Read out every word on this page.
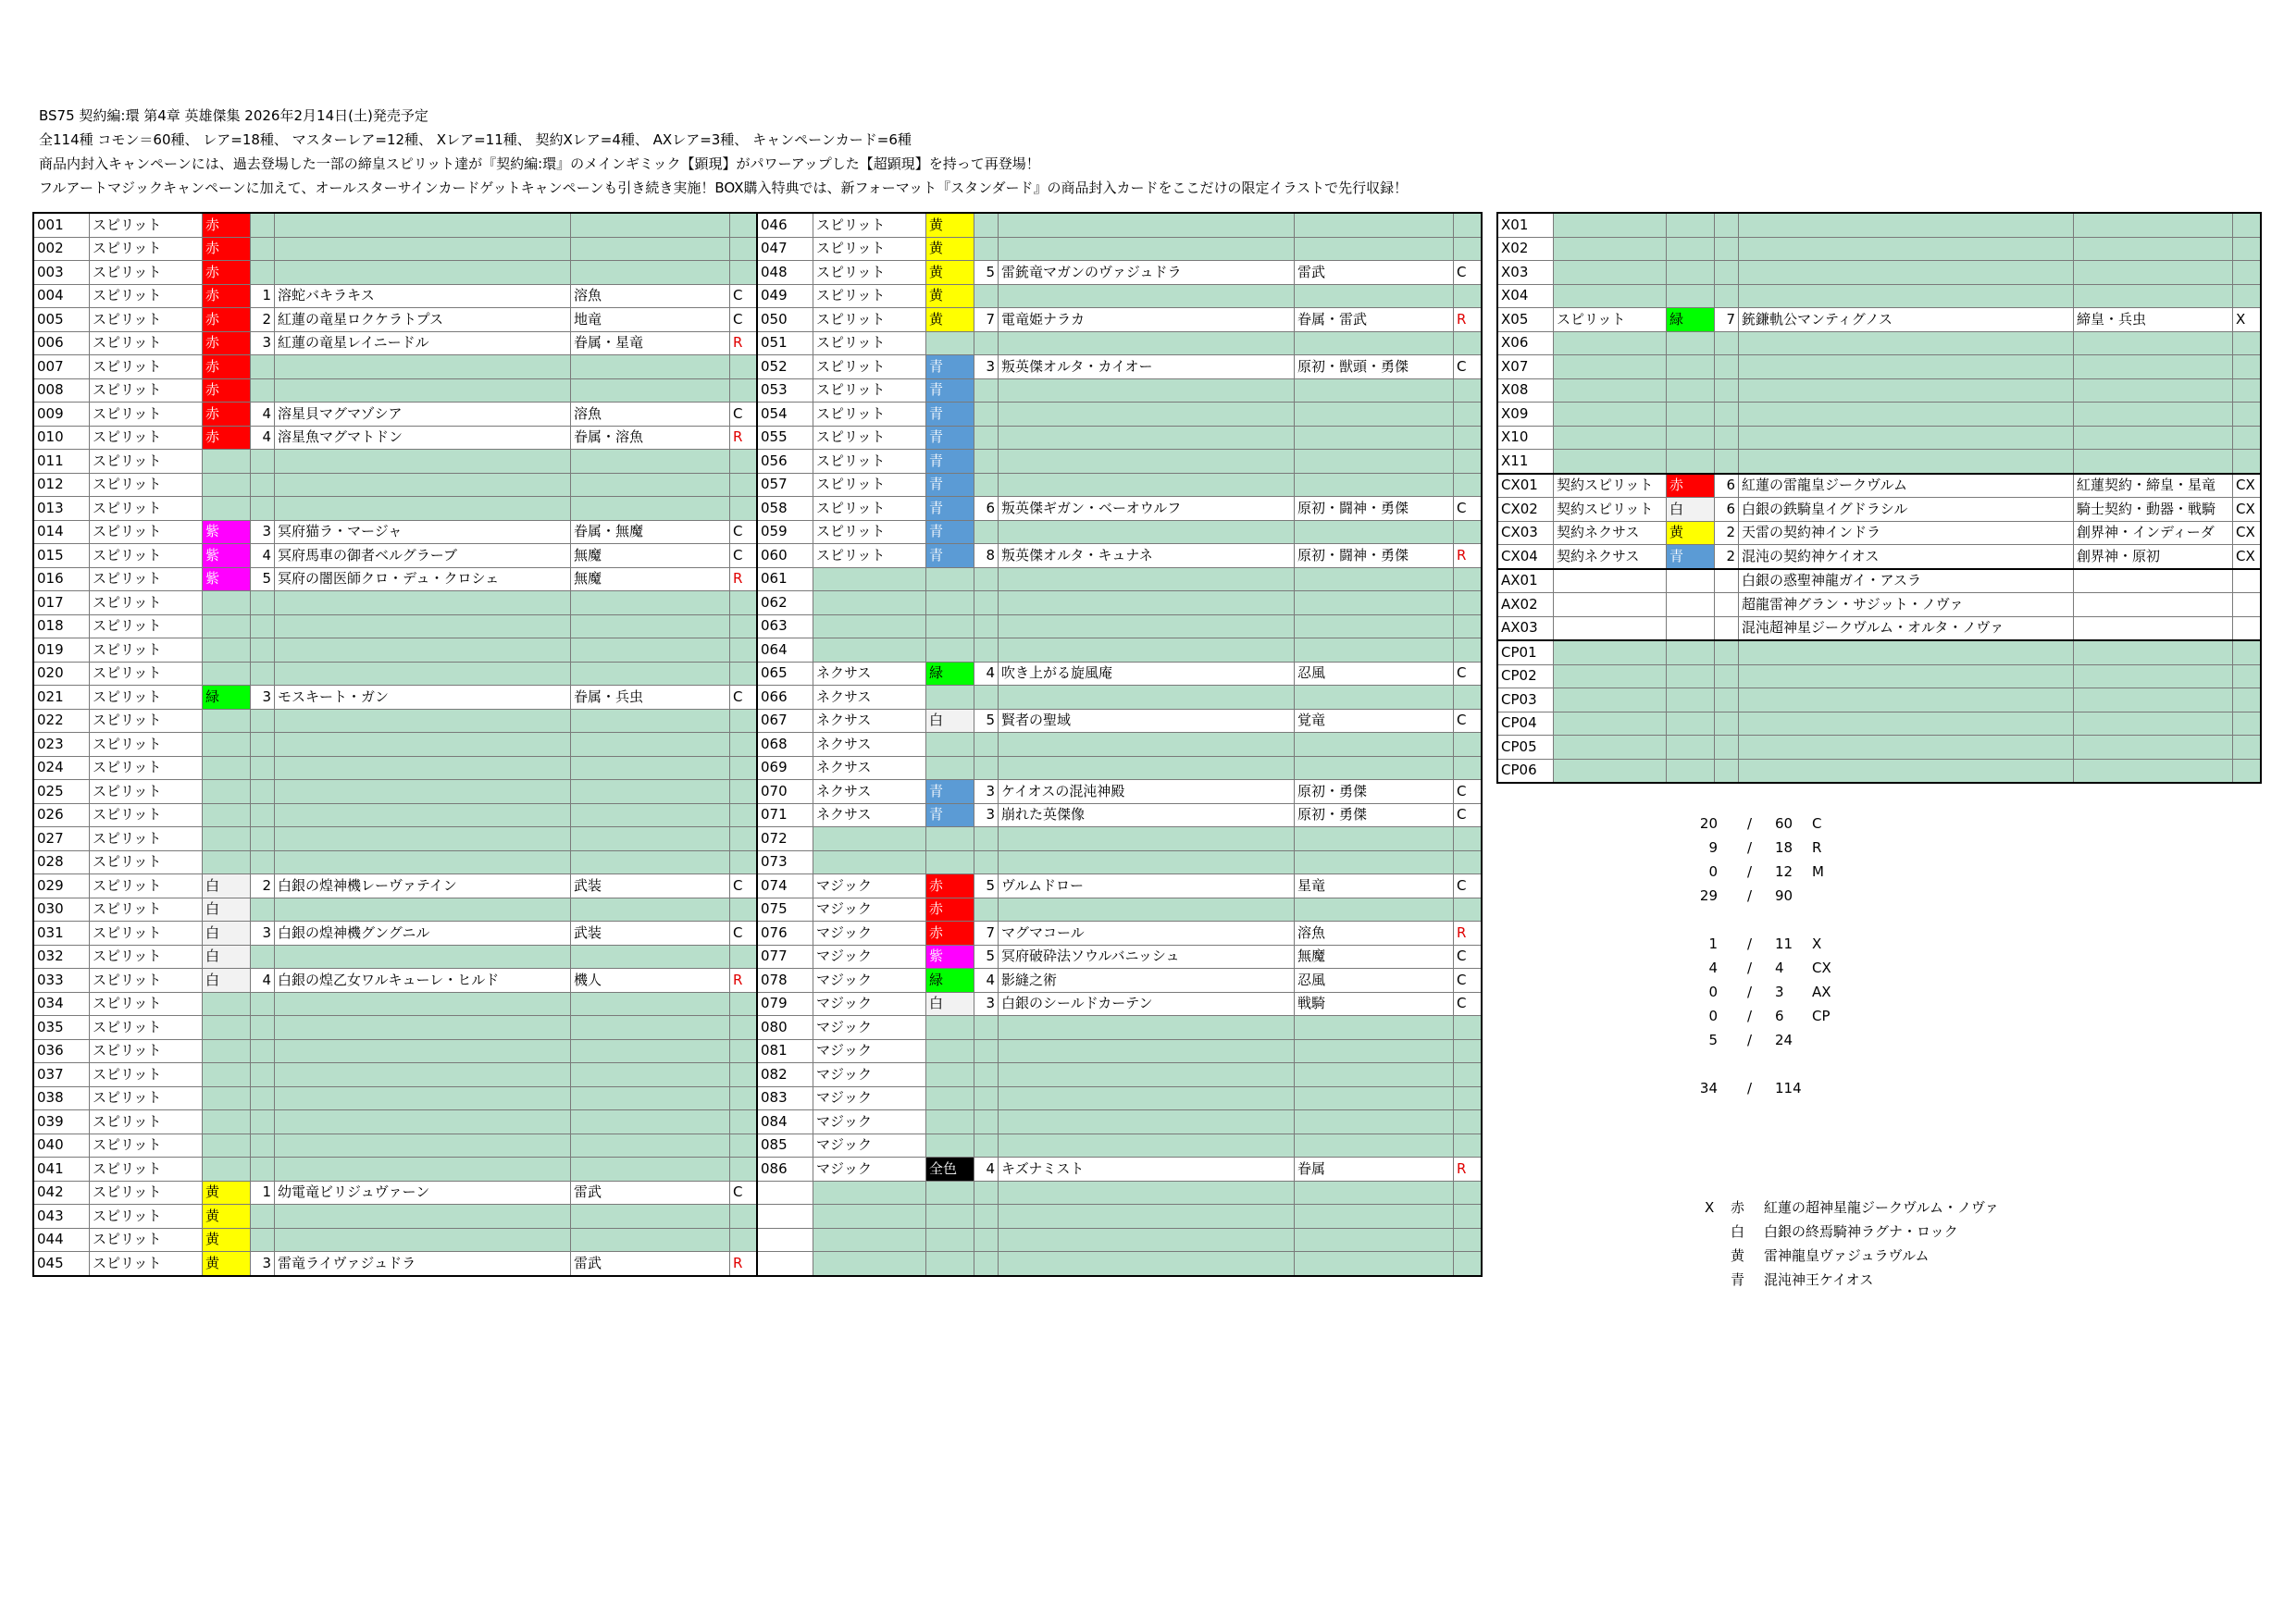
BS75 契約編:環 第4章 英雄傑集 2026年2月14日(土)発売予定
全114種 コモン＝60種、 レア=18種、 マスターレア=12種、 Xレア=11種、 契約Xレア=4種、 AXレア=3種、 キャンペーンカード=6種
商品内封入キャンペーンには、過去登場した一部の締皇スピリット達が『契約編:環』のメインギミック【顕現】がパワーアップした【超顕現】を持って再登場！
フルアートマジックキャンペーンに加えて、オールスターサインカードゲットキャンペーンも引き続き実施！BOX購入特典では、新フォーマット『スタンダード』の商品封入カードをここだけの限定イラストで先行収録！
001	スピリット	赤				
002	スピリット	赤				
003	スピリット	赤				
004	スピリット	赤	1	溶蛇バキラキス	溶魚	C
005	スピリット	赤	2	紅蓮の竜星ロクケラトプス	地竜	C
006	スピリット	赤	3	紅蓮の竜星レイニードル	眷属・星竜	R
007	スピリット	赤				
008	スピリット	赤				
009	スピリット	赤	4	溶星貝マグマゾシア	溶魚	C
010	スピリット	赤	4	溶星魚マグマトドン	眷属・溶魚	R
011	スピリット					
012	スピリット					
013	スピリット					
014	スピリット	紫	3	冥府猫ラ・マージャ	眷属・無魔	C
015	スピリット	紫	4	冥府馬車の御者ベルグラーブ	無魔	C
016	スピリット	紫	5	冥府の闇医師クロ・デュ・クロシェ	無魔	R
017	スピリット					
018	スピリット					
019	スピリット					
020	スピリット					
021	スピリット	緑	3	モスキート・ガン	眷属・兵虫	C
022	スピリット					
023	スピリット					
024	スピリット					
025	スピリット					
026	スピリット					
027	スピリット					
028	スピリット					
029	スピリット	白	2	白銀の煌神機レーヴァテイン	武装	C
030	スピリット	白				
031	スピリット	白	3	白銀の煌神機グングニル	武装	C
032	スピリット	白				
033	スピリット	白	4	白銀の煌乙女ワルキューレ・ヒルド	機人	R
034	スピリット					
035	スピリット					
036	スピリット					
037	スピリット					
038	スピリット					
039	スピリット					
040	スピリット					
041	スピリット					
042	スピリット	黄	1	幼電竜ビリジュヴァーン	雷武	C
043	スピリット	黄				
044	スピリット	黄				
045	スピリット	黄	3	雷竜ライヴァジュドラ	雷武	R
046	スピリット	黄				
047	スピリット	黄				
048	スピリット	黄	5	雷銃竜マガンのヴァジュドラ	雷武	C
049	スピリット	黄				
050	スピリット	黄	7	電竜姫ナラカ	眷属・雷武	R
051	スピリット					
052	スピリット	青	3	叛英傑オルタ・カイオー	原初・獣頭・勇傑	C
053	スピリット	青				
054	スピリット	青				
055	スピリット	青				
056	スピリット	青				
057	スピリット	青				
058	スピリット	青	6	叛英傑ギガン・ベーオウルフ	原初・闘神・勇傑	C
059	スピリット	青				
060	スピリット	青	8	叛英傑オルタ・キュナネ	原初・闘神・勇傑	R
061						
062						
063						
064						
065	ネクサス	緑	4	吹き上がる旋風庵	忍風	C
066	ネクサス					
067	ネクサス	白	5	賢者の聖域	覚竜	C
068	ネクサス					
069	ネクサス					
070	ネクサス	青	3	ケイオスの混沌神殿	原初・勇傑	C
071	ネクサス	青	3	崩れた英傑像	原初・勇傑	C
072						
073						
074	マジック	赤	5	ヴルムドロー	星竜	C
075	マジック	赤				
076	マジック	赤	7	マグマコール	溶魚	R
077	マジック	紫	5	冥府破砕法ソウルバニッシュ	無魔	C
078	マジック	緑	4	影縫之術	忍風	C
079	マジック	白	3	白銀のシールドカーテン	戦騎	C
080	マジック					
081	マジック					
082	マジック					
083	マジック					
084	マジック					
085	マジック					
086	マジック	全色	4	キズナミスト	眷属	R

X01						
X02						
X03						
X04						
X05	スピリット	緑	7	銃鎌軌公マンティグノス	締皇・兵虫	X
X06						
X07						
X08						
X09						
X10						
X11						
CX01	契約スピリット	赤	6	紅蓮の雷龍皇ジークヴルム	紅蓮契約・締皇・星竜	CX
CX02	契約スピリット	白	6	白銀の鉄騎皇イグドラシル	騎士契約・動器・戦騎	CX
CX03	契約ネクサス	黄	2	天雷の契約神インドラ	創界神・インディーダ	CX
CX04	契約ネクサス	青	2	混沌の契約神ケイオス	創界神・原初	CX
AX01				白銀の惑聖神龍ガイ・アスラ		
AX02				超龍雷神グラン・サジット・ノヴァ		
AX03				混沌超神星ジークヴルム・オルタ・ノヴァ		
CP01						
CP02						
CP03						
CP04						
CP05						
CP06						
20 / 60 C
9 / 18 R
0 / 12 M
29 / 90
1 / 11 X
4 / 4 CX
0 / 3 AX
0 / 6 CP
5 / 24
34 / 114
X 赤 紅蓮の超神星龍ジークヴルム・ノヴァ
白 白銀の終焉騎神ラグナ・ロック
黄 雷神龍皇ヴァジュラヴルム
青 混沌神王ケイオス
